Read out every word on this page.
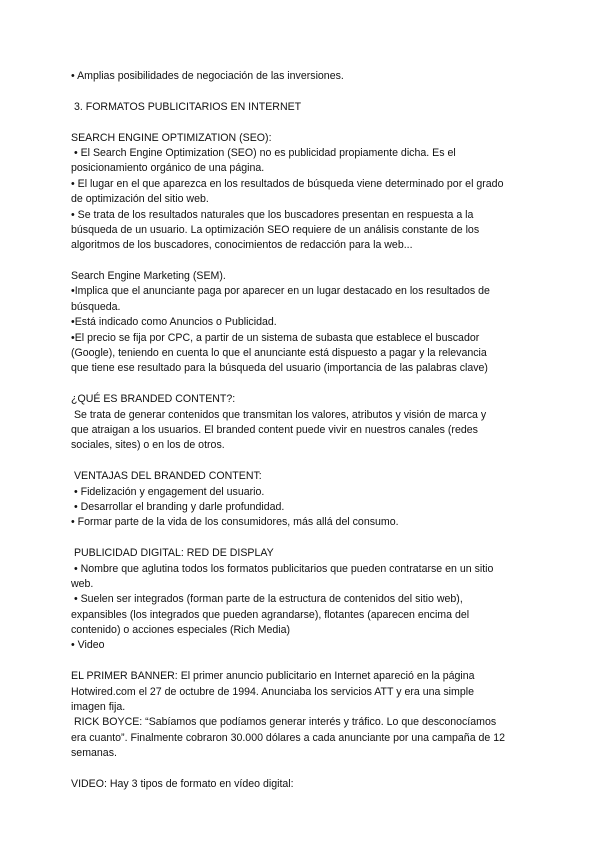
• Amplias posibilidades de negociación de las inversiones.
3. FORMATOS PUBLICITARIOS EN INTERNET
SEARCH ENGINE OPTIMIZATION (SEO):
• El Search Engine Optimization (SEO) no es publicidad propiamente dicha. Es el
posicionamiento orgánico de una página.
• El lugar en el que aparezca en los resultados de búsqueda viene determinado por el grado
de optimización del sitio web.
• Se trata de los resultados naturales que los buscadores presentan en respuesta a la
búsqueda de un usuario. La optimización SEO requiere de un análisis constante de los
algoritmos de los buscadores, conocimientos de redacción para la web...
Search Engine Marketing (SEM).
•Implica que el anunciante paga por aparecer en un lugar destacado en los resultados de
búsqueda.
•Está indicado como Anuncios o Publicidad.
•El precio se fija por CPC, a partir de un sistema de subasta que establece el buscador
(Google), teniendo en cuenta lo que el anunciante está dispuesto a pagar y la relevancia
que tiene ese resultado para la búsqueda del usuario (importancia de las palabras clave)
¿QUÉ ES BRANDED CONTENT?:
Se trata de generar contenidos que transmitan los valores, atributos y visión de marca y
que atraigan a los usuarios. El branded content puede vivir en nuestros canales (redes
sociales, sites) o en los de otros.
VENTAJAS DEL BRANDED CONTENT:
• Fidelización y engagement del usuario.
• Desarrollar el branding y darle profundidad.
• Formar parte de la vida de los consumidores, más allá del consumo.
PUBLICIDAD DIGITAL: RED DE DISPLAY
• Nombre que aglutina todos los formatos publicitarios que pueden contratarse en un sitio
web.
• Suelen ser integrados (forman parte de la estructura de contenidos del sitio web),
expansibles (los integrados que pueden agrandarse), flotantes (aparecen encima del
contenido) o acciones especiales (Rich Media)
• Video
EL PRIMER BANNER: El primer anuncio publicitario en Internet apareció en la página
Hotwired.com el 27 de octubre de 1994. Anunciaba los servicios ATT y era una simple
imagen fija.
RICK BOYCE: “Sabíamos que podíamos generar interés y tráfico. Lo que desconocíamos
era cuanto”. Finalmente cobraron 30.000 dólares a cada anunciante por una campaña de 12
semanas.
VIDEO: Hay 3 tipos de formato en vídeo digital:
